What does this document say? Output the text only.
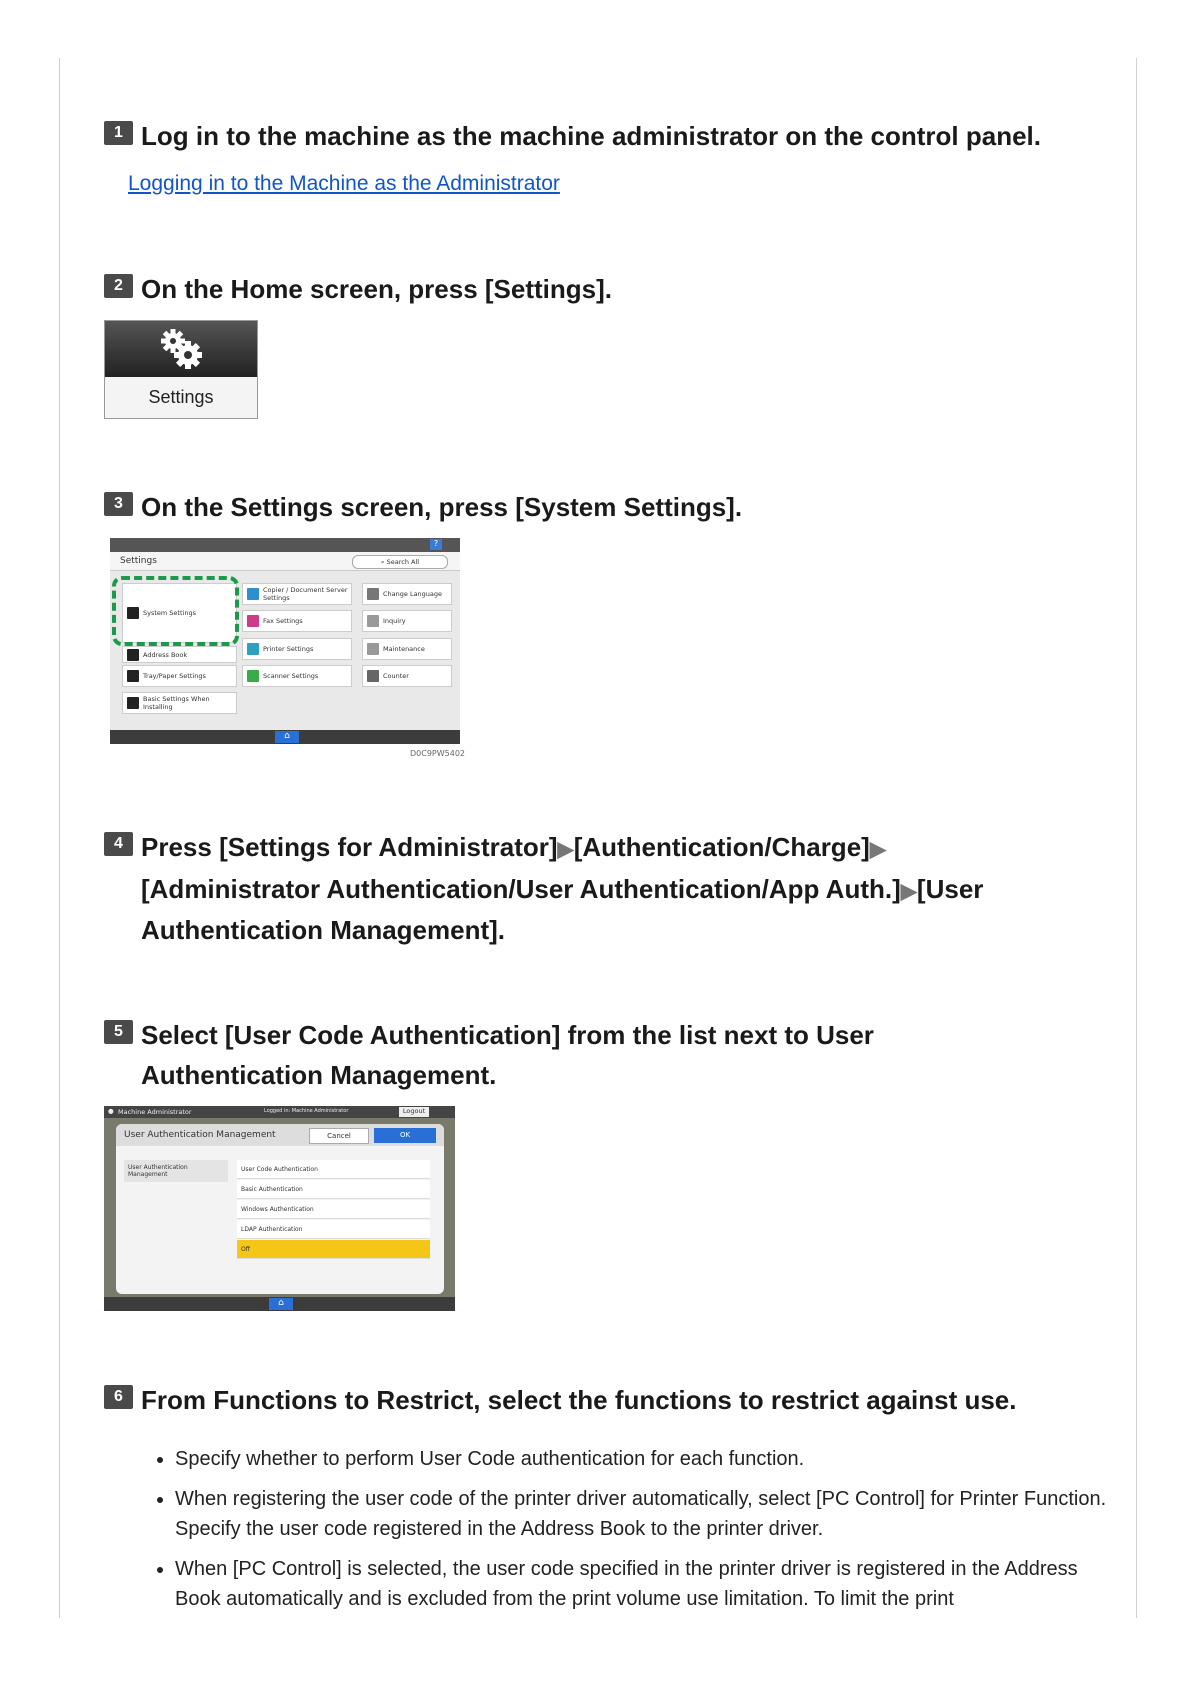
1 Log in to the machine as the machine administrator on the control panel.
Logging in to the Machine as the Administrator
2 On the Home screen, press [Settings].
Settings
3 On the Settings screen, press [System Settings].
?
Settings	⌕ Search All
System Settings
Copier / Document Server Settings
Fax Settings
Printer Settings
Scanner Settings
Change Language
Inquiry
Maintenance
Counter
Address Book
Tray/Paper Settings
Basic Settings When Installing
⌂
D0C9PW5402
4 Press [Settings for Administrator]▶[Authentication/Charge]▶
[Administrator Authentication/User Authentication/App Auth.]▶[User Authentication Management].
5 Select [User Code Authentication] from the list next to User Authentication Management.
● Machine Administrator	Logged in: Machine Administrator	Logout
User Authentication Management	Cancel	OK
User Authentication Management
User Code Authentication
Basic Authentication
Windows Authentication
LDAP Authentication
Off
⌂
6 From Functions to Restrict, select the functions to restrict against use.
• Specify whether to perform User Code authentication for each function.
• When registering the user code of the printer driver automatically, select [PC Control] for Printer Function. Specify the user code registered in the Address Book to the printer driver.
• When [PC Control] is selected, the user code specified in the printer driver is registered in the Address Book automatically and is excluded from the print volume use limitation. To limit the print
